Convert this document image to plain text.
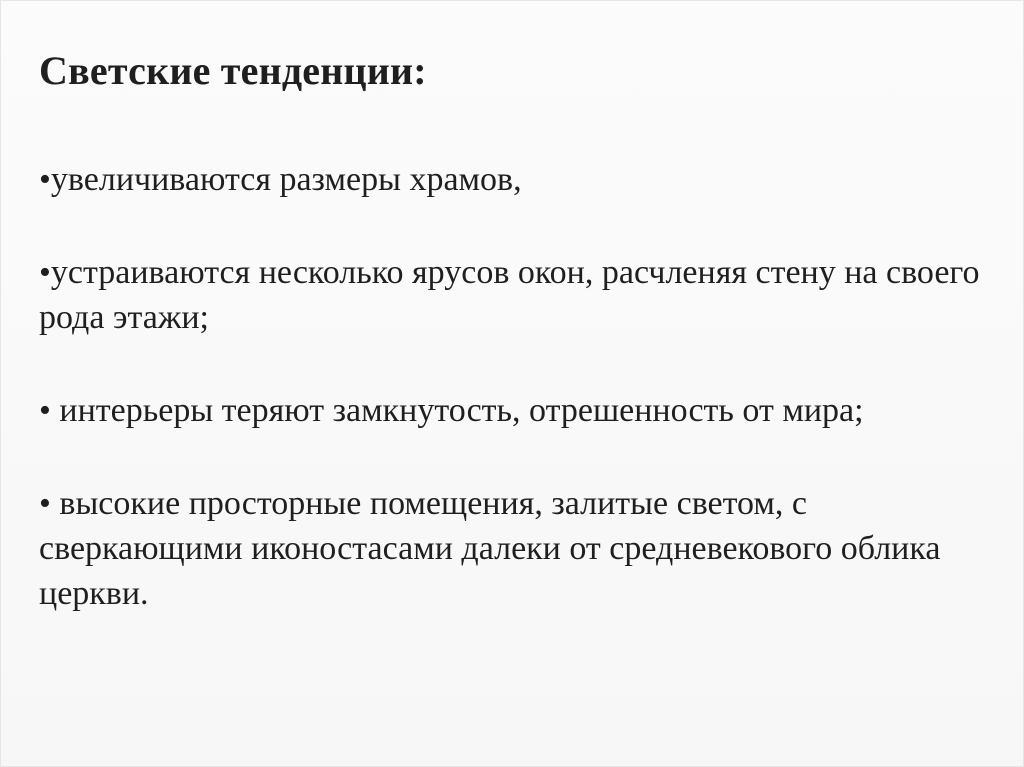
Светские тенденции:
•увеличиваются размеры храмов,
•устраиваются несколько ярусов окон, расчленяя стену на своего рода этажи;
• интерьеры теряют замкнутость, отрешенность от мира;
• высокие просторные помещения, залитые светом, с сверкающими иконостасами далеки от средневекового облика церкви.
